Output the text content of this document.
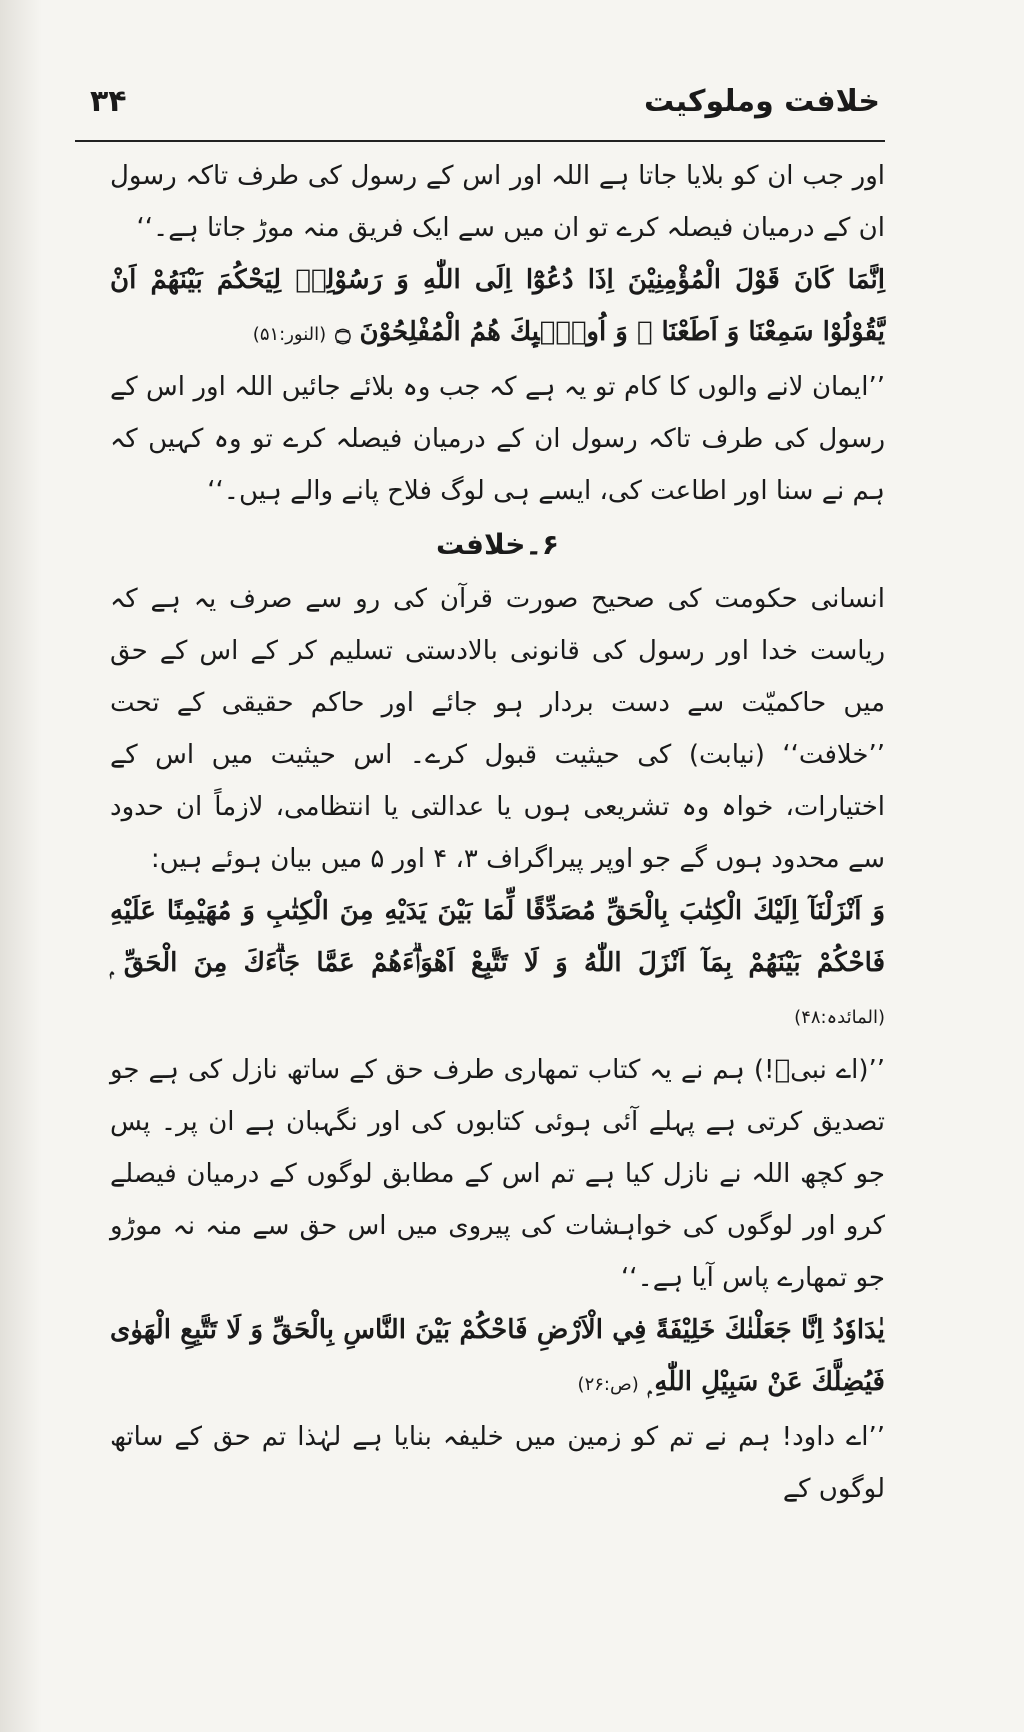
خلافت وملوکیت
۳۴

اور جب ان کو بلایا جاتا ہے اللہ اور اس کے رسول کی طرف تاکہ رسول ان کے درمیان فیصلہ کرے تو ان میں سے ایک فریق منہ موڑ جاتا ہے۔‘‘

اِنَّمَا كَانَ قَوْلَ الْمُؤْمِنِيْنَ اِذَا دُعُوْٓا اِلَى اللّٰهِ وَ رَسُوْلِهٖ لِيَحْكُمَ بَيْنَهُمْ اَنْ يَّقُوْلُوْا سَمِعْنَا وَ اَطَعْنَا ۭ وَ اُولٰۗىِٕكَ هُمُ الْمُفْلِحُوْنَ ۝ (النور:۵۱)

’’ایمان لانے والوں کا کام تو یہ ہے کہ جب وہ بلائے جائیں اللہ اور اس کے رسول کی طرف تاکہ رسول ان کے درمیان فیصلہ کرے تو وہ کہیں کہ ہم نے سنا اور اطاعت کی، ایسے ہی لوگ فلاح پانے والے ہیں۔‘‘

۶۔خلافت

انسانی حکومت کی صحیح صورت قرآن کی رو سے صرف یہ ہے کہ ریاست خدا اور رسول کی قانونی بالادستی تسلیم کر کے اس کے حق میں حاکمیّت سے دست بردار ہو جائے اور حاکم حقیقی کے تحت ’’خلافت‘‘ (نیابت) کی حیثیت قبول کرے۔ اس حیثیت میں اس کے اختیارات، خواہ وہ تشریعی ہوں یا عدالتی یا انتظامی، لازماً ان حدود سے محدود ہوں گے جو اوپر پیراگراف ۳، ۴ اور ۵ میں بیان ہوئے ہیں:

وَ اَنْزَلْنَآ اِلَيْكَ الْكِتٰبَ بِالْحَقِّ مُصَدِّقًا لِّمَا بَيْنَ يَدَيْهِ مِنَ الْكِتٰبِ وَ مُهَيْمِنًا عَلَيْهِ فَاحْكُمْ بَيْنَهُمْ بِمَآ اَنْزَلَ اللّٰهُ وَ لَا تَتَّبِعْ اَهْوَاۗءَهُمْ عَمَّا جَاۗءَكَ مِنَ الْحَقِّ ۭ (المائدہ:۴۸)

’’(اے نبیؐ!) ہم نے یہ کتاب تمھاری طرف حق کے ساتھ نازل کی ہے جو تصدیق کرتی ہے پہلے آئی ہوئی کتابوں کی اور نگہبان ہے ان پر۔ پس جو کچھ اللہ نے نازل کیا ہے تم اس کے مطابق لوگوں کے درمیان فیصلے کرو اور لوگوں کی خواہشات کی پیروی میں اس حق سے منہ نہ موڑو جو تمھارے پاس آیا ہے۔‘‘

يٰدَاوٗدُ اِنَّا جَعَلْنٰكَ خَلِيْفَةً فِي الْاَرْضِ فَاحْكُمْ بَيْنَ النَّاسِ بِالْحَقِّ وَ لَا تَتَّبِعِ الْهَوٰى فَيُضِلَّكَ عَنْ سَبِيْلِ اللّٰهِ ۭ (ص:۲۶)

’’اے داود! ہم نے تم کو زمین میں خلیفہ بنایا ہے لہٰذا تم حق کے ساتھ لوگوں کے
